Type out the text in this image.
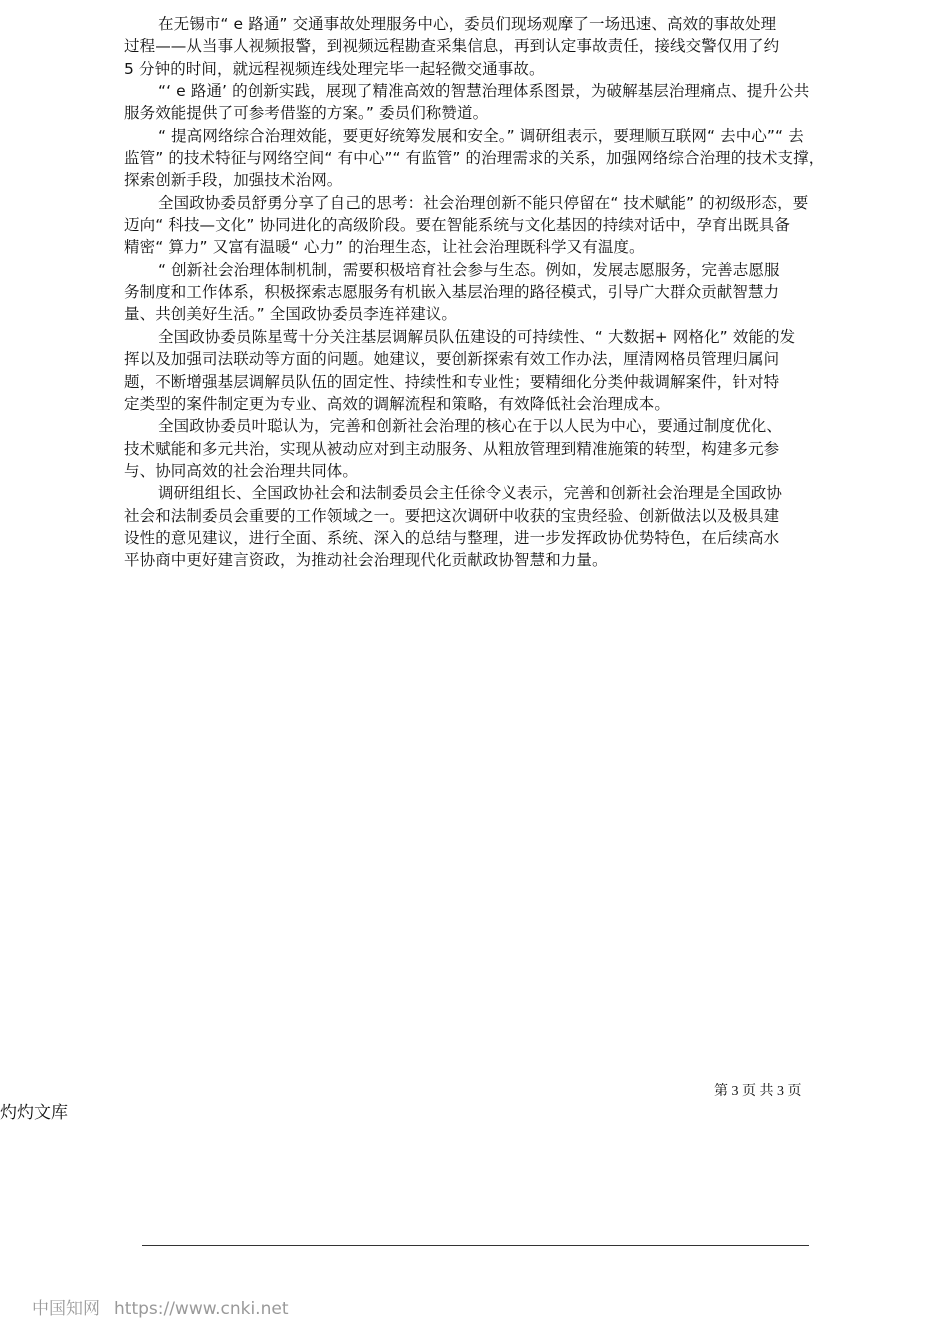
在无锡市“ e 路通” 交通事故处理服务中心，委员们现场观摩了一场迅速、高效的事故处理
过程——从当事人视频报警，到视频远程勘查采集信息，再到认定事故责任，接线交警仅用了约
5 分钟的时间，就远程视频连线处理完毕一起轻微交通事故。
“‘ e 路通’ 的创新实践，展现了精准高效的智慧治理体系图景，为破解基层治理痛点、提升公共
服务效能提供了可参考借鉴的方案。” 委员们称赞道。
“ 提高网络综合治理效能，要更好统筹发展和安全。” 调研组表示，要理顺互联网“ 去中心”“ 去
监管” 的技术特征与网络空间“ 有中心”“ 有监管” 的治理需求的关系，加强网络综合治理的技术支撑，
探索创新手段，加强技术治网。
全国政协委员舒勇分享了自己的思考：社会治理创新不能只停留在“ 技术赋能” 的初级形态，要
迈向“ 科技—文化” 协同进化的高级阶段。要在智能系统与文化基因的持续对话中，孕育出既具备
精密“ 算力” 又富有温暖“ 心力” 的治理生态，让社会治理既科学又有温度。
“ 创新社会治理体制机制，需要积极培育社会参与生态。例如，发展志愿服务，完善志愿服
务制度和工作体系，积极探索志愿服务有机嵌入基层治理的路径模式，引导广大群众贡献智慧力
量、共创美好生活。” 全国政协委员李连祥建议。
全国政协委员陈星莺十分关注基层调解员队伍建设的可持续性、“ 大数据+ 网格化” 效能的发
挥以及加强司法联动等方面的问题。她建议，要创新探索有效工作办法，厘清网格员管理归属问
题，不断增强基层调解员队伍的固定性、持续性和专业性；要精细化分类仲裁调解案件，针对特
定类型的案件制定更为专业、高效的调解流程和策略，有效降低社会治理成本。
全国政协委员叶聪认为，完善和创新社会治理的核心在于以人民为中心，要通过制度优化、
技术赋能和多元共治，实现从被动应对到主动服务、从粗放管理到精准施策的转型，构建多元参
与、协同高效的社会治理共同体。
调研组组长、全国政协社会和法制委员会主任徐令义表示，完善和创新社会治理是全国政协
社会和法制委员会重要的工作领域之一。要把这次调研中收获的宝贵经验、创新做法以及极具建
设性的意见建议，进行全面、系统、深入的总结与整理，进一步发挥政协优势特色，在后续高水
平协商中更好建言资政，为推动社会治理现代化贡献政协智慧和力量。
第 3 页 共 3 页
灼灼文库
中国知网 https://www.cnki.net
